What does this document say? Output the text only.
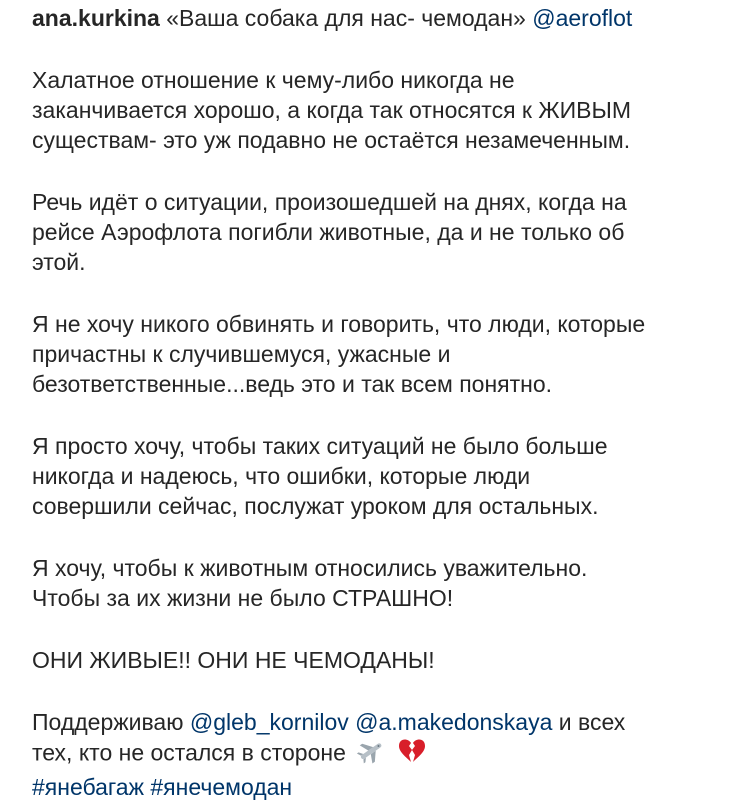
ana.kurkina «Ваша собака для нас- чемодан» @aeroflot

Халатное отношение к чему-либо никогда не
заканчивается хорошо, а когда так относятся к ЖИВЫМ
существам- это уж подавно не остаётся незамеченным.

Речь идёт о ситуации, произошедшей на днях, когда на
рейсе Аэрофлота погибли животные, да и не только об
этой.

Я не хочу никого обвинять и говорить, что люди, которые
причастны к случившемуся, ужасные и
безответственные...ведь это и так всем понятно.

Я просто хочу, чтобы таких ситуаций не было больше
никогда и надеюсь, что ошибки, которые люди
совершили сейчас, послужат уроком для остальных.

Я хочу, чтобы к животным относились уважительно.
Чтобы за их жизни не было СТРАШНО!

ОНИ ЖИВЫЕ!! ОНИ НЕ ЧЕМОДАНЫ!

Поддерживаю @gleb_kornilov @a.makedonskaya и всех
тех, кто не остался в стороне
#янебагаж #янечемодан
